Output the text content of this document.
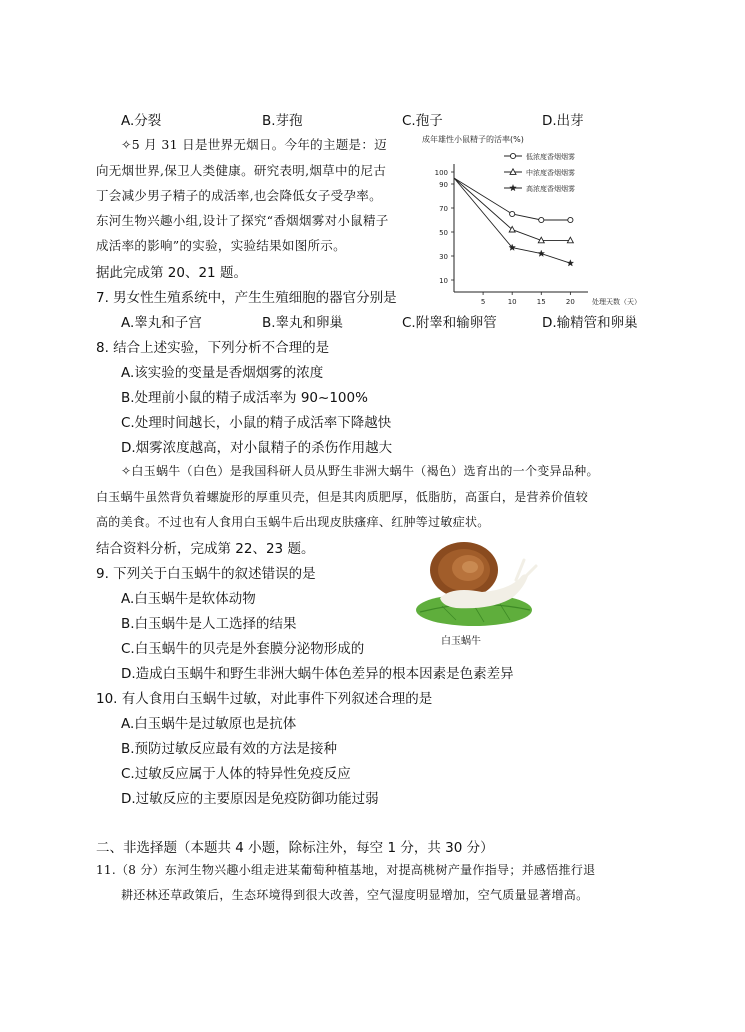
A.分裂	B.芽孢	C.孢子	D.出芽
✧5 月 31 日是世界无烟日。今年的主题是：迈
向无烟世界,保卫人类健康。研究表明,烟草中的尼古
丁会减少男子精子的成活率,也会降低女子受孕率。
东河生物兴趣小组,设计了探究“香烟烟雾对小鼠精子
成活率的影响”的实验，实验结果如图所示。
据此完成第 20、21 题。
成年雄性小鼠精子的活率(%)
低浓度香烟烟雾
中浓度香烟烟雾
高浓度香烟烟雾
10
30
50
70
90
100
5	10	15	20 处理天数（天）
7. 男女性生殖系统中，产生生殖细胞的器官分别是
A.睾丸和子宫	B.睾丸和卵巢	C.附睾和输卵管	D.输精管和卵巢
8. 结合上述实验，下列分析不合理的是
A.该实验的变量是香烟烟雾的浓度
B.处理前小鼠的精子成活率为 90~100%
C.处理时间越长，小鼠的精子成活率下降越快
D.烟雾浓度越高，对小鼠精子的杀伤作用越大
✧白玉蜗牛（白色）是我国科研人员从野生非洲大蜗牛（褐色）选育出的一个变异品种。
白玉蜗牛虽然背负着螺旋形的厚重贝壳，但是其肉质肥厚，低脂肪，高蛋白，是营养价值较
高的美食。不过也有人食用白玉蜗牛后出现皮肤瘙痒、红肿等过敏症状。
结合资料分析，完成第 22、23 题。
白玉蜗牛
9. 下列关于白玉蜗牛的叙述错误的是
A.白玉蜗牛是软体动物
B.白玉蜗牛是人工选择的结果
C.白玉蜗牛的贝壳是外套膜分泌物形成的
D.造成白玉蜗牛和野生非洲大蜗牛体色差异的根本因素是色素差异
10. 有人食用白玉蜗牛过敏，对此事件下列叙述合理的是
A.白玉蜗牛是过敏原也是抗体
B.预防过敏反应最有效的方法是接种
C.过敏反应属于人体的特异性免疫反应
D.过敏反应的主要原因是免疫防御功能过弱
二、非选择题（本题共 4 小题，除标注外，每空 1 分，共 30 分）
11.（8 分）东河生物兴趣小组走进某葡萄种植基地，对提高桃树产量作指导；并感悟推行退
耕还林还草政策后，生态环境得到很大改善，空气湿度明显增加，空气质量显著增高。
